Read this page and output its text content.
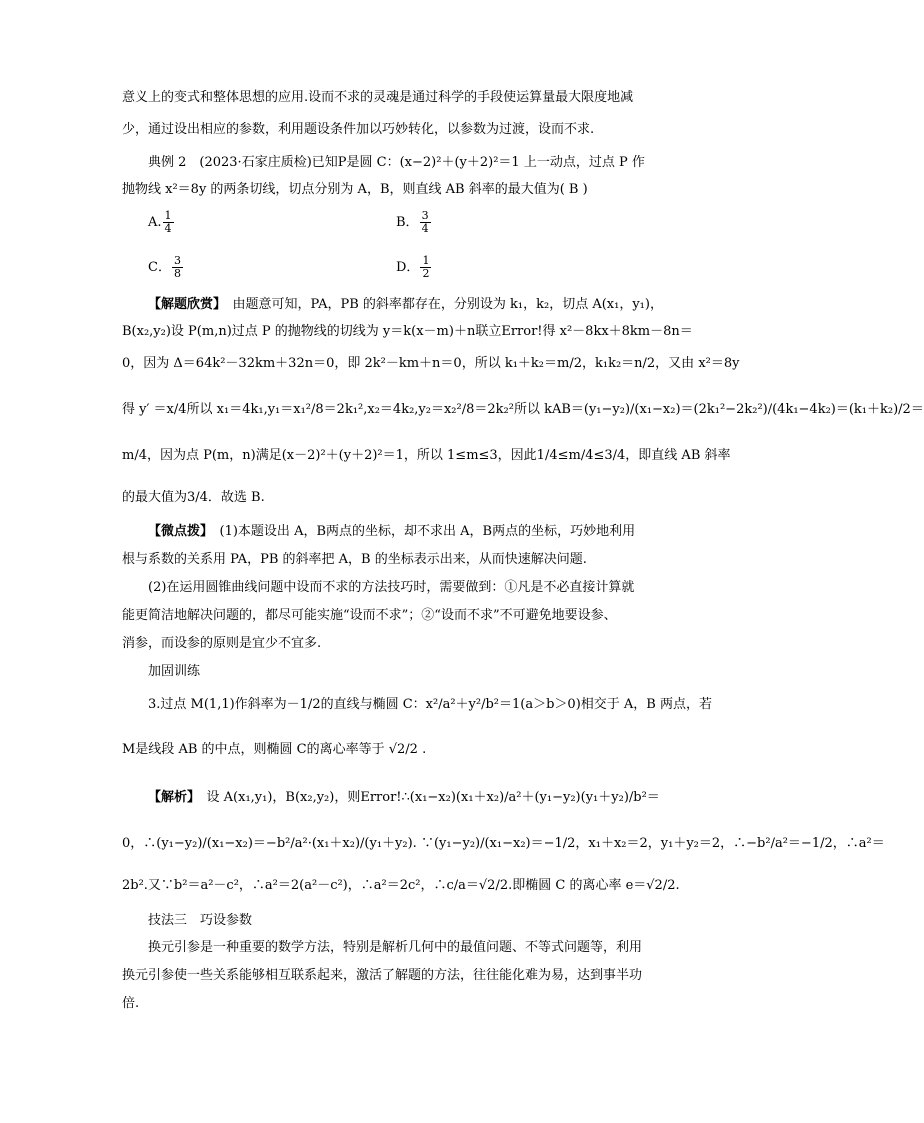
意义上的变式和整体思想的应用.设而不求的灵魂是通过科学的手段使运算量最大限度地减
少，通过设出相应的参数，利用题设条件加以巧妙转化，以参数为过渡，设而不求.
典例 2　(2023·石家庄质检)已知P是圆 C：(x−2)²＋(y＋2)²＝1 上一动点，过点 P 作
抛物线 x²＝8y 的两条切线，切点分别为 A，B，则直线 AB 斜率的最大值为( B )
A. $\frac{1}{4}$	B． $\frac{3}{4}$
C． $\frac{3}{8}$	D． $\frac{1}{2}$
【解题欣赏】　由题意可知，PA，PB 的斜率都存在，分别设为 k₁，k₂，切点 A(x₁，y₁)，
B(x₂,y₂)设 P(m,n)过点 P 的抛物线的切线为 y＝k(x－m)＋n联立Error!得 x²－8kx＋8km－8n＝
0，因为 Δ＝64k²－32km＋32n＝0，即 2k²－km＋n＝0，所以 k₁＋k₂＝m/2，k₁k₂＝n/2，又由 x²＝8y
得 y′ ＝x/4所以 x₁＝4k₁,y₁＝x₁²/8＝2k₁²,x₂＝4k₂,y₂＝x₂²/8＝2k₂²所以 kAB＝(y₁−y₂)/(x₁−x₂)＝(2k₁²−2k₂²)/(4k₁−4k₂)＝(k₁＋k₂)/2＝
m/4，因为点 P(m，n)满足(x－2)²＋(y＋2)²＝1，所以 1≤m≤3，因此1/4≤m/4≤3/4，即直线 AB 斜率
的最大值为3/4．故选 B.
【微点拨】　(1)本题设出 A，B两点的坐标，却不求出 A，B两点的坐标，巧妙地利用
根与系数的关系用 PA，PB 的斜率把 A，B 的坐标表示出来，从而快速解决问题.
(2)在运用圆锥曲线问题中设而不求的方法技巧时，需要做到：①凡是不必直接计算就
能更简洁地解决问题的，都尽可能实施“设而不求”；②“设而不求”不可避免地要设参、
消参，而设参的原则是宜少不宜多.
加固训练
3.过点 M(1,1)作斜率为－1/2的直线与椭圆 C：x²/a²＋y²/b²＝1(a＞b＞0)相交于 A，B 两点，若
M是线段 AB 的中点，则椭圆 C的离心率等于 √2/2 .
【解析】　设 A(x₁,y₁)，B(x₂,y₂)，则Error!∴(x₁−x₂)(x₁＋x₂)/a²＋(y₁−y₂)(y₁＋y₂)/b²＝
0，∴(y₁−y₂)/(x₁−x₂)＝−b²/a²·(x₁＋x₂)/(y₁＋y₂). ∵(y₁−y₂)/(x₁−x₂)＝−1/2，x₁＋x₂＝2，y₁＋y₂＝2，∴−b²/a²＝−1/2，∴a²＝
2b².又∵b²＝a²－c²，∴a²＝2(a²－c²)，∴a²＝2c²，∴c/a＝√2/2.即椭圆 C 的离心率 e＝√2/2.
技法三　巧设参数
换元引参是一种重要的数学方法，特别是解析几何中的最值问题、不等式问题等，利用
换元引参使一些关系能够相互联系起来，激活了解题的方法，往往能化难为易，达到事半功
倍.
